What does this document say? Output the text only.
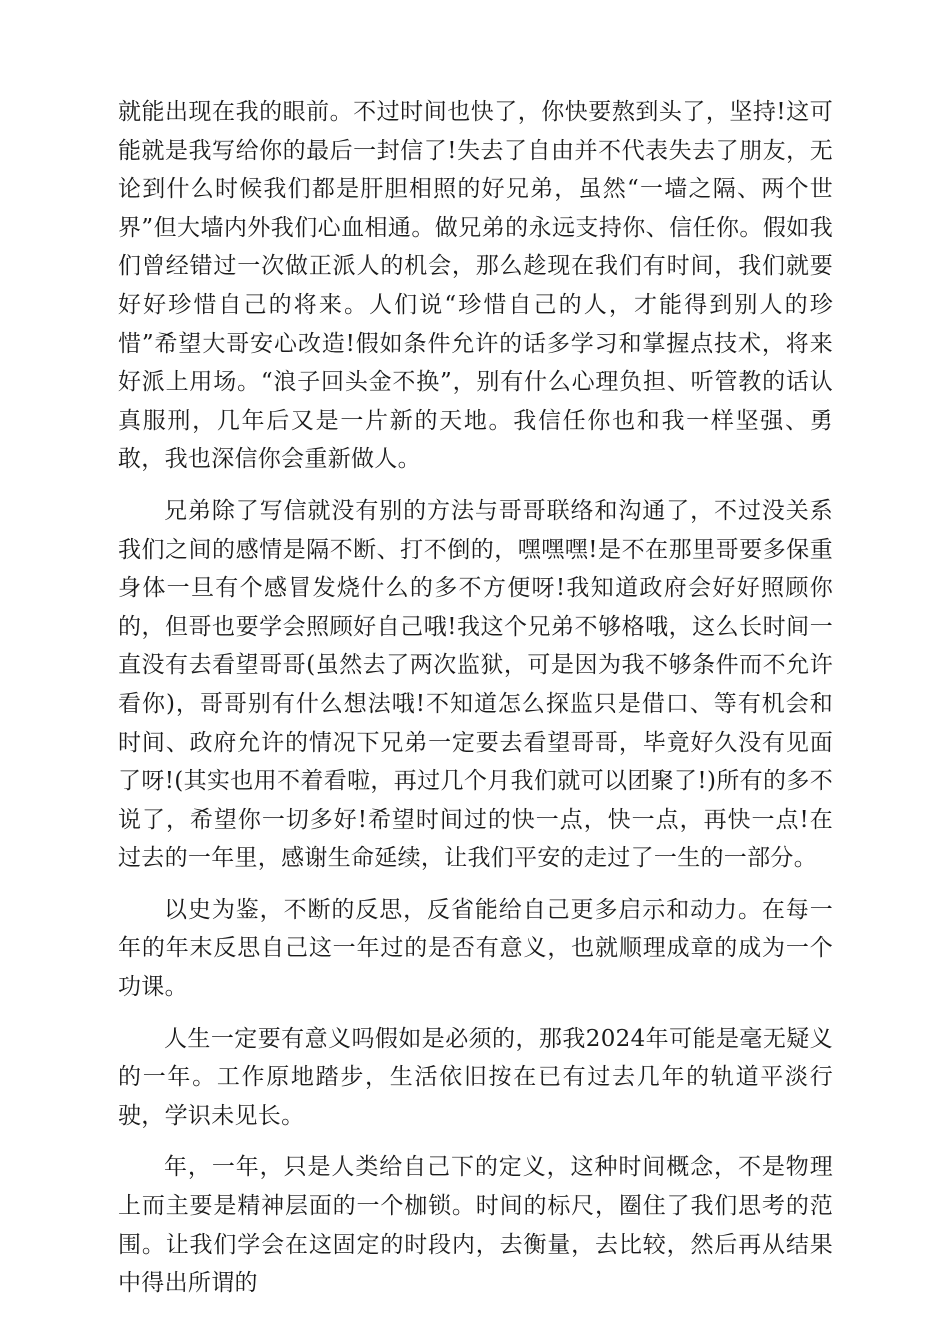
就能出现在我的眼前。不过时间也快了，你快要熬到头了，坚持!这可能就是我写给你的最后一封信了!失去了自由并不代表失去了朋友，无论到什么时候我们都是肝胆相照的好兄弟，虽然“一墙之隔、两个世界”但大墙内外我们心血相通。做兄弟的永远支持你、信任你。假如我们曾经错过一次做正派人的机会，那么趁现在我们有时间，我们就要好好珍惜自己的将来。人们说“珍惜自己的人，才能得到别人的珍惜”希望大哥安心改造!假如条件允许的话多学习和掌握点技术，将来好派上用场。“浪子回头金不换”，别有什么心理负担、听管教的话认真服刑，几年后又是一片新的天地。我信任你也和我一样坚强、勇敢，我也深信你会重新做人。

兄弟除了写信就没有别的方法与哥哥联络和沟通了，不过没关系我们之间的感情是隔不断、打不倒的，嘿嘿嘿!是不在那里哥要多保重身体一旦有个感冒发烧什么的多不方便呀!我知道政府会好好照顾你的，但哥也要学会照顾好自己哦!我这个兄弟不够格哦，这么长时间一直没有去看望哥哥(虽然去了两次监狱，可是因为我不够条件而不允许看你)，哥哥别有什么想法哦!不知道怎么探监只是借口、等有机会和时间、政府允许的情况下兄弟一定要去看望哥哥，毕竟好久没有见面了呀!(其实也用不着看啦，再过几个月我们就可以团聚了!)所有的多不说了，希望你一切多好!希望时间过的快一点，快一点，再快一点!在过去的一年里，感谢生命延续，让我们平安的走过了一生的一部分。

以史为鉴，不断的反思，反省能给自己更多启示和动力。在每一年的年末反思自己这一年过的是否有意义，也就顺理成章的成为一个功课。

人生一定要有意义吗假如是必须的，那我2024年可能是毫无疑义的一年。工作原地踏步，生活依旧按在已有过去几年的轨道平淡行驶，学识未见长。

年，一年，只是人类给自己下的定义，这种时间概念，不是物理上而主要是精神层面的一个枷锁。时间的标尺，圈住了我们思考的范围。让我们学会在这固定的时段内，去衡量，去比较，然后再从结果中得出所谓的
